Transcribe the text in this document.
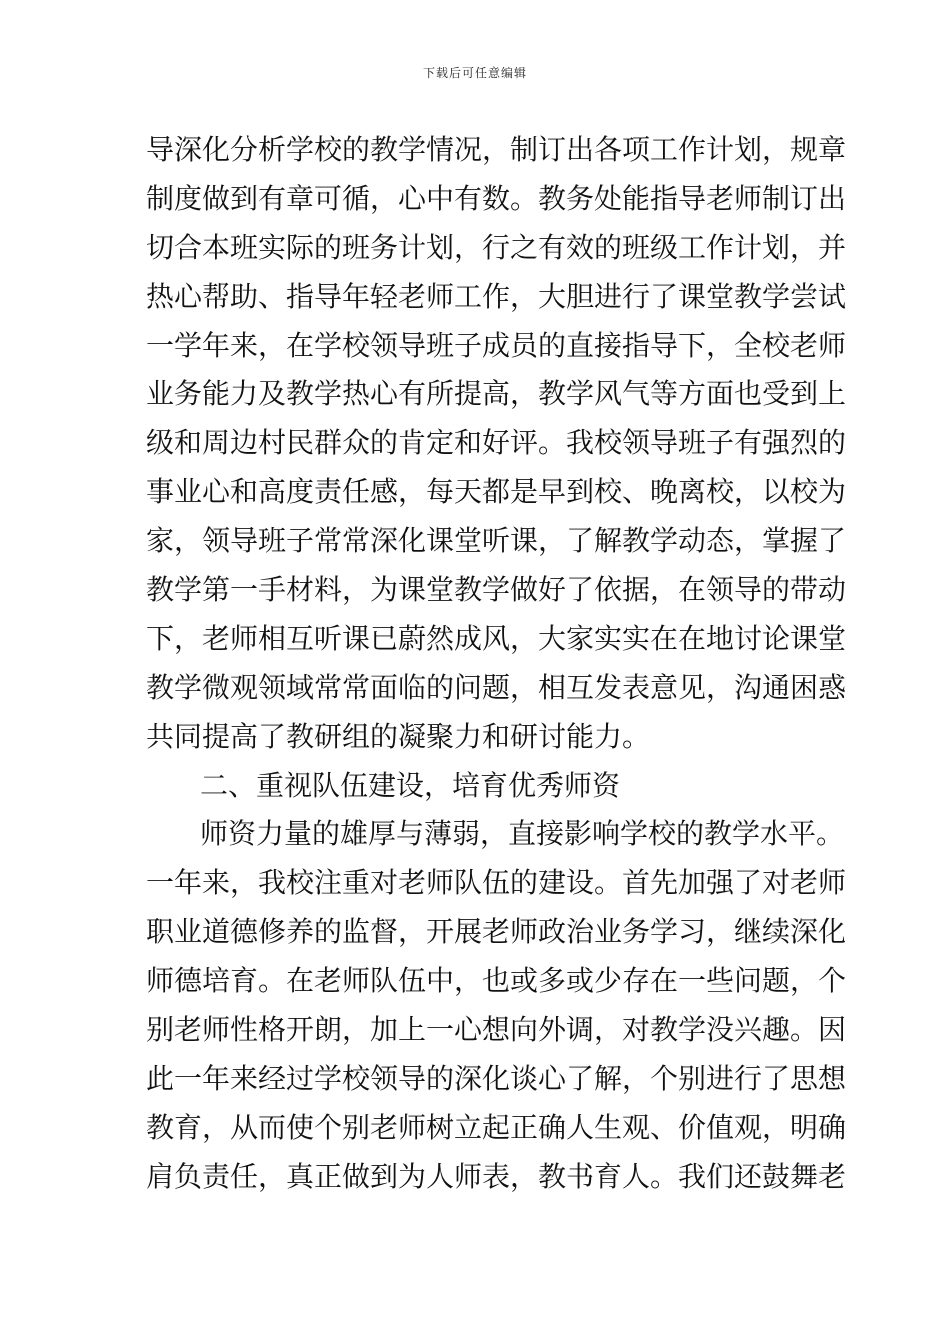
下载后可任意编辑
导深化分析学校的教学情况，制订出各项工作计划，规章
制度做到有章可循，心中有数。教务处能指导老师制订出
切合本班实际的班务计划，行之有效的班级工作计划，并
热心帮助、指导年轻老师工作，大胆进行了课堂教学尝试
一学年来，在学校领导班子成员的直接指导下，全校老师
业务能力及教学热心有所提高，教学风气等方面也受到上
级和周边村民群众的肯定和好评。我校领导班子有强烈的
事业心和高度责任感，每天都是早到校、晚离校，以校为
家，领导班子常常深化课堂听课，了解教学动态，掌握了
教学第一手材料，为课堂教学做好了依据，在领导的带动
下，老师相互听课已蔚然成风，大家实实在在地讨论课堂
教学微观领域常常面临的问题，相互发表意见，沟通困惑
共同提高了教研组的凝聚力和研讨能力。
二、重视队伍建设，培育优秀师资
师资力量的雄厚与薄弱，直接影响学校的教学水平。
一年来，我校注重对老师队伍的建设。首先加强了对老师
职业道德修养的监督，开展老师政治业务学习，继续深化
师德培育。在老师队伍中，也或多或少存在一些问题，个
别老师性格开朗，加上一心想向外调，对教学没兴趣。因
此一年来经过学校领导的深化谈心了解，个别进行了思想
教育，从而使个别老师树立起正确人生观、价值观，明确
肩负责任，真正做到为人师表，教书育人。我们还鼓舞老
